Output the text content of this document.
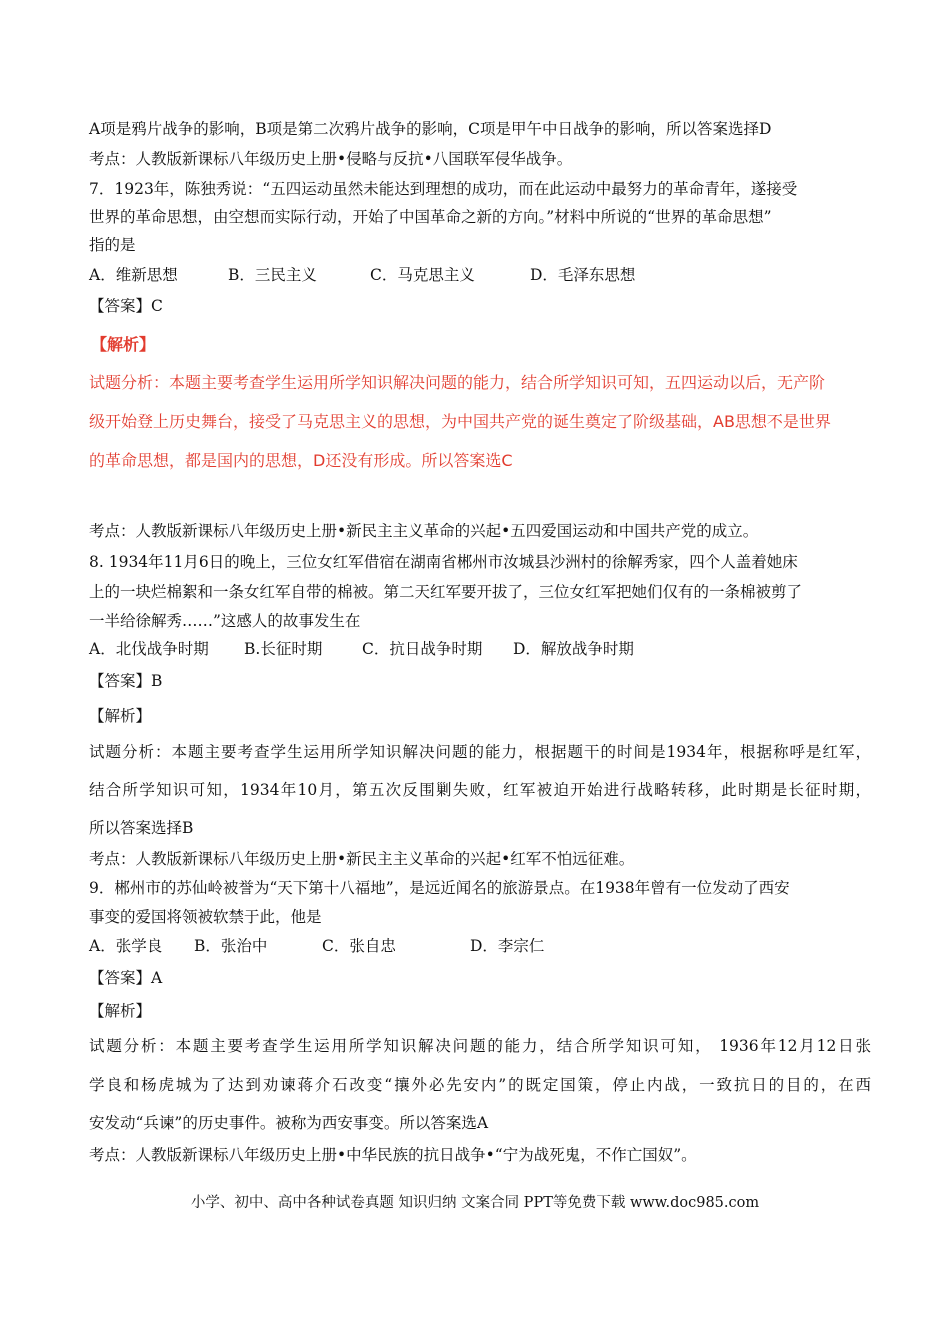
A项是鸦片战争的影响，B项是第二次鸦片战争的影响，C项是甲午中日战争的影响，所以答案选择D
考点：人教版新课标八年级历史上册•侵略与反抗•八国联军侵华战争。
7．1923年，陈独秀说：“五四运动虽然未能达到理想的成功，而在此运动中最努力的革命青年，遂接受
世界的革命思想，由空想而实际行动，开始了中国革命之新的方向。”材料中所说的“世界的革命思想”
指的是
A．维新思想	B．三民主义	C．马克思主义	D．毛泽东思想
【答案】C
【解析】
试题分析：本题主要考查学生运用所学知识解决问题的能力，结合所学知识可知，五四运动以后，无产阶
级开始登上历史舞台，接受了马克思主义的思想，为中国共产党的诞生奠定了阶级基础，AB思想不是世界
的革命思想，都是国内的思想，D还没有形成。所以答案选C
考点：人教版新课标八年级历史上册•新民主主义革命的兴起•五四爱国运动和中国共产党的成立。
8. 1934年11月6日的晚上，三位女红军借宿在湖南省郴州市汝城县沙洲村的徐解秀家，四个人盖着她床
上的一块烂棉絮和一条女红军自带的棉被。第二天红军要开拔了，三位女红军把她们仅有的一条棉被剪了
一半给徐解秀……”这感人的故事发生在
A．北伐战争时期 B.长征时期	C．抗日战争时期 D．解放战争时期
【答案】B
【解析】
试题分析：本题主要考查学生运用所学知识解决问题的能力，根据题干的时间是1934年，根据称呼是红军，
结合所学知识可知，1934年10月，第五次反围剿失败，红军被迫开始进行战略转移，此时期是长征时期，
所以答案选择B
考点：人教版新课标八年级历史上册•新民主主义革命的兴起•红军不怕远征难。
9．郴州市的苏仙岭被誉为“天下第十八福地”，是远近闻名的旅游景点。在1938年曾有一位发动了西安
事变的爱国将领被软禁于此，他是
A．张学良 B．张治中	C．张自忠	D．李宗仁
【答案】A
【解析】
试题分析：本题主要考查学生运用所学知识解决问题的能力，结合所学知识可知， 1936年12月12日张
学良和杨虎城为了达到劝谏蒋介石改变“攘外必先安内”的既定国策，停止内战，一致抗日的目的，在西
安发动“兵谏”的历史事件。被称为西安事变。所以答案选A
考点：人教版新课标八年级历史上册•中华民族的抗日战争•“宁为战死鬼，不作亡国奴”。
小学、初中、高中各种试卷真题 知识归纳 文案合同 PPT等免费下载 www.doc985.com
